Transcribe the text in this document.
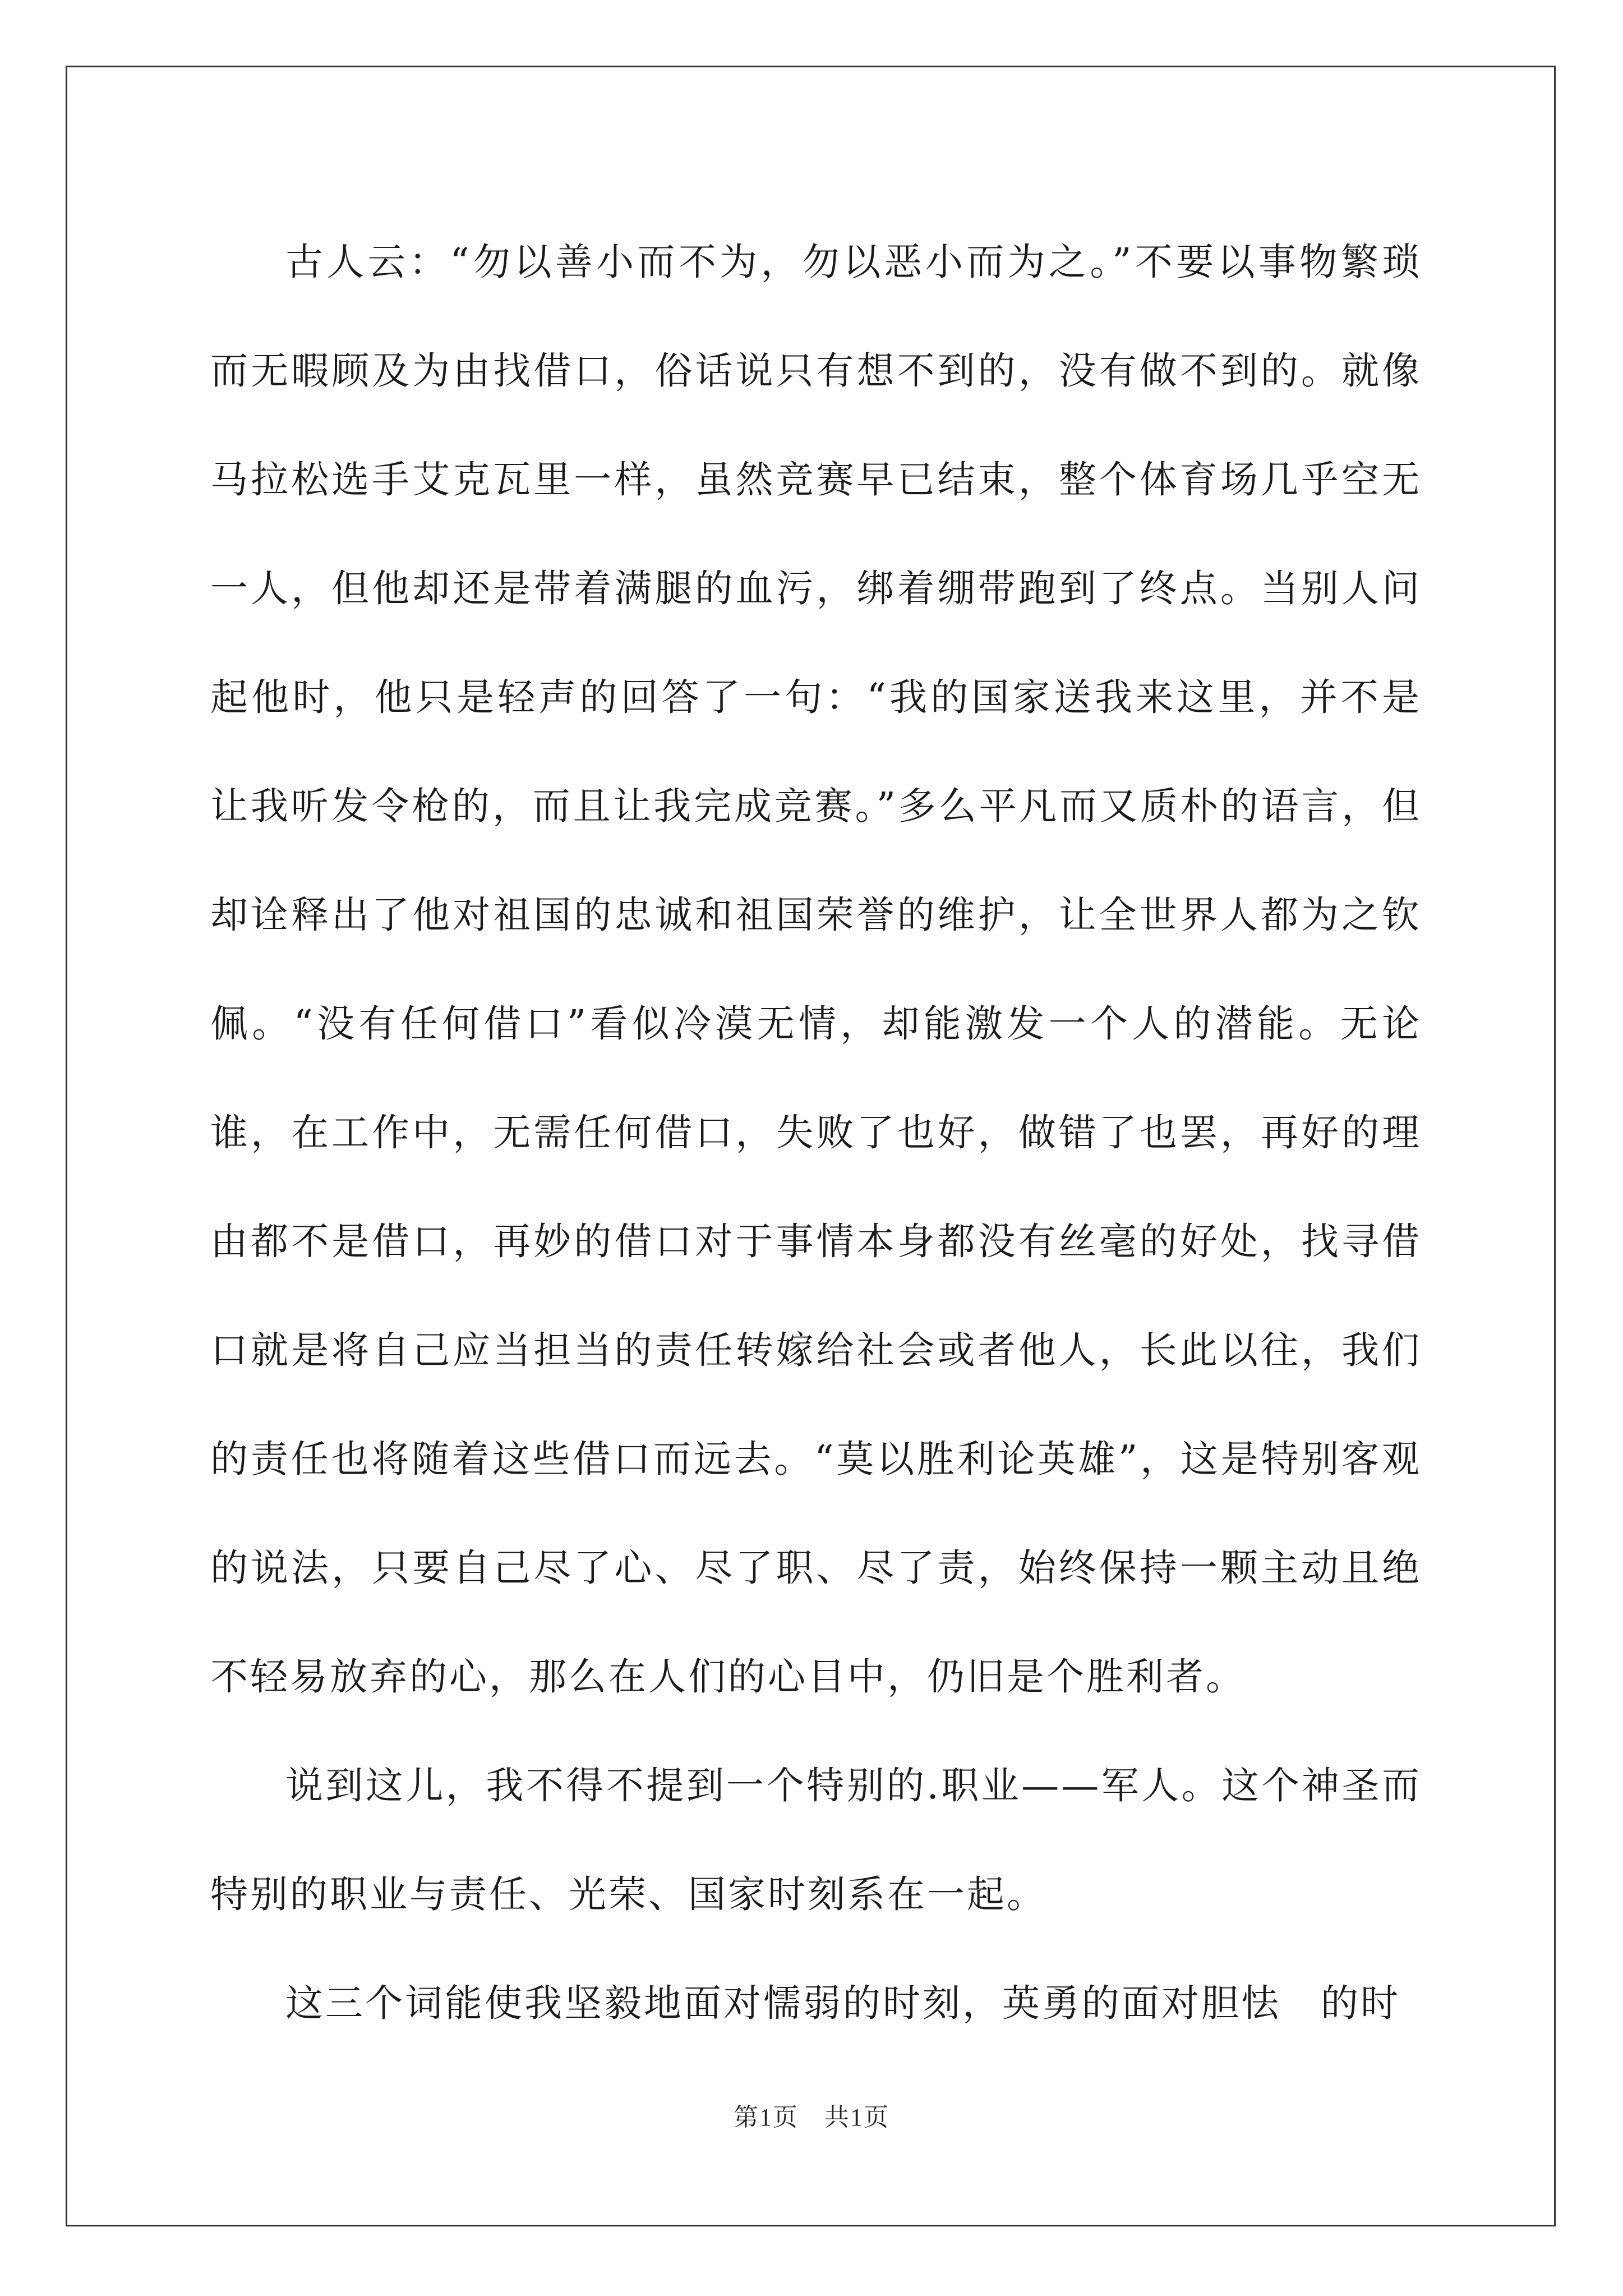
古人云：“勿以善小而不为，勿以恶小而为之。”不要以事物繁琐而无暇顾及为由找借口，俗话说只有想不到的，没有做不到的。就像马拉松选手艾克瓦里一样，虽然竞赛早已结束，整个体育场几乎空无一人，但他却还是带着满腿的血污，绑着绷带跑到了终点。当别人问起他时，他只是轻声的回答了一句：“我的国家送我来这里，并不是让我听发令枪的，而且让我完成竞赛。”多么平凡而又质朴的语言，但却诠释出了他对祖国的忠诚和祖国荣誉的维护，让全世界人都为之钦佩。“没有任何借口”看似冷漠无情，却能激发一个人的潜能。无论谁，在工作中，无需任何借口，失败了也好，做错了也罢，再好的理由都不是借口，再妙的借口对于事情本身都没有丝毫的好处，找寻借口就是将自己应当担当的责任转嫁给社会或者他人，长此以往，我们的责任也将随着这些借口而远去。“莫以胜利论英雄”，这是特别客观的说法，只要自己尽了心、尽了职、尽了责，始终保持一颗主动且绝不轻易放弃的心，那么在人们的心目中，仍旧是个胜利者。

说到这儿，我不得不提到一个特别的.职业——军人。这个神圣而特别的职业与责任、光荣、国家时刻系在一起。

这三个词能使我坚毅地面对懦弱的时刻，英勇的面对胆怯　的时

第1页 共1页
